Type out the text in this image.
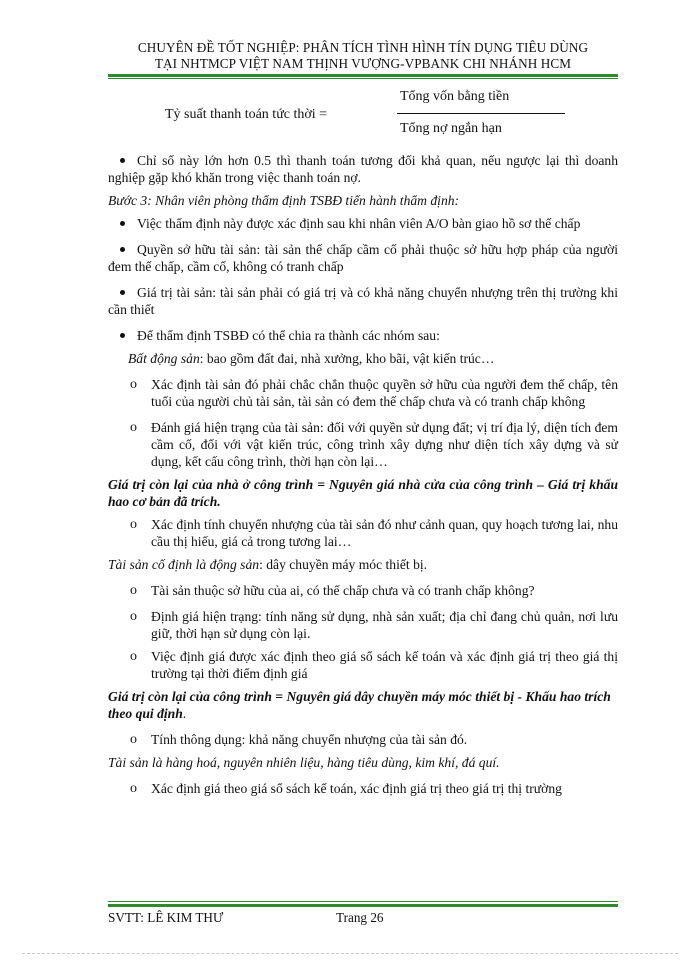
CHUYÊN ĐỀ TỐT NGHIỆP: PHÂN TÍCH TÌNH HÌNH TÍN DỤNG TIÊU DÙNG
TẠI NHTMCP VIỆT NAM THỊNH VƯỢNG-VPBANK CHI NHÁNH HCM
Tỷ suất thanh toán tức thời =
Tổng vốn bằng tiền
Tổng nợ ngắn hạn

Chỉ số này lớn hơn 0.5 thì thanh toán tương đối khả quan, nếu ngược lại thì doanh nghiệp gặp khó khăn trong việc thanh toán nợ.

Bước 3: Nhân viên phòng thẩm định TSBĐ tiến hành thẩm định:

Việc thẩm định này được xác định sau khi nhân viên A/O bàn giao hồ sơ thế chấp

Quyền sở hữu tài sản: tài sản thế chấp cầm cố phải thuộc sở hữu hợp pháp của người đem thế chấp, cầm cố, không có tranh chấp

Giá trị tài sản: tài sản phải có giá trị và có khả năng chuyển nhượng trên thị trường khi cần thiết

Để thẩm định TSBĐ có thể chia ra thành các nhóm sau:

Bất động sản: bao gồm đất đai, nhà xưởng, kho bãi, vật kiến trúc…

o Xác định tài sản đó phải chắc chắn thuộc quyền sở hữu của người đem thế chấp, tên tuổi của người chủ tài sản, tài sản có đem thế chấp chưa và có tranh chấp không

o Đánh giá hiện trạng của tài sản: đối với quyền sử dụng đất; vị trí địa lý, diện tích đem cầm cố, đối với vật kiến trúc, công trình xây dựng như diện tích xây dựng và sử dụng, kết cấu công trình, thời hạn còn lại…

Giá trị còn lại của nhà ở công trình = Nguyên giá nhà cửa của công trình – Giá trị khấu hao cơ bản đã trích.

o Xác định tính chuyển nhượng của tài sản đó như cảnh quan, quy hoạch tương lai, nhu cầu thị hiếu, giá cả trong tương lai…

Tài sản cố định là động sản: dây chuyền máy móc thiết bị.

o Tài sản thuộc sở hữu của ai, có thế chấp chưa và có tranh chấp không?

o Định giá hiện trạng: tính năng sử dụng, nhà sản xuất; địa chỉ đang chủ quản, nơi lưu giữ, thời hạn sử dụng còn lại.

o Việc định giá được xác định theo giá sổ sách kế toán và xác định giá trị theo giá thị trường tại thời điểm định giá

Giá trị còn lại của công trình = Nguyên giá dây chuyền máy móc thiết bị - Khấu hao trích theo qui định.

o Tính thông dụng: khả năng chuyển nhượng của tài sản đó.

Tài sản là hàng hoá, nguyên nhiên liệu, hàng tiêu dùng, kim khí, đá quí.

o Xác định giá theo giá sổ sách kế toán, xác định giá trị theo giá trị thị trường

SVTT: LÊ KIM THƯ	Trang 26
